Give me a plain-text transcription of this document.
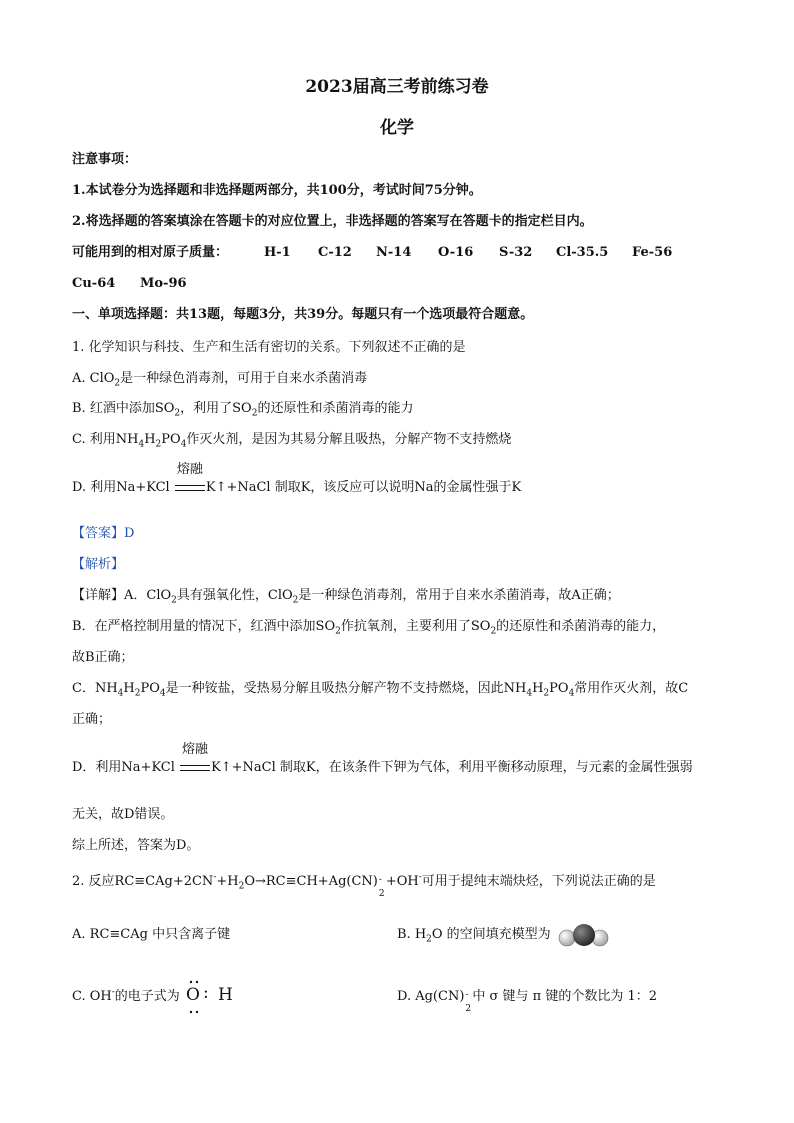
2023届高三考前练习卷
化学
注意事项：
1.本试卷分为选择题和非选择题两部分，共100分，考试时间75分钟。
2.将选择题的答案填涂在答题卡的对应位置上，非选择题的答案写在答题卡的指定栏目内。
可能用到的相对原子质量：	H-1 C-12 N-14 O-16 S-32 Cl-35.5 Fe-56
Cu-64 Mo-96
一、单项选择题：共13题，每题3分，共39分。每题只有一个选项最符合题意。
1. 化学知识与科技、生产和生活有密切的关系。下列叙述不正确的是
A. ClO$_2$是一种绿色消毒剂，可用于自来水杀菌消毒
B. 红酒中添加$SO_2$，利用了$SO_2$的还原性和杀菌消毒的能力
C. 利用$NH_4H_2PO_4$作灭火剂，是因为其易分解且吸热，分解产物不支持燃烧
D. 利用Na+KCl
熔融
K↑+NaCl 制取K，该反应可以说明Na的金属性强于K
【答案】D
【解析】
【详解】A．ClO$_2$具有强氧化性，ClO$_2$是一种绿色消毒剂，常用于自来水杀菌消毒，故A正确；
B．在严格控制用量的情况下，红酒中添加$SO_2$作抗氧剂，主要利用了$SO_2$的还原性和杀菌消毒的能力，
故B正确；
C．$NH_4H_2PO_4$是一种铵盐，受热易分解且吸热分解产物不支持燃烧，因此$NH_4H_2PO_4$常用作灭火剂，故C
正确；
D．利用Na+KCl
熔融
K↑+NaCl 制取K，在该条件下钾为气体，利用平衡移动原理，与元素的金属性强弱
无关，故D错误。
综上所述，答案为D。
2. 反应$RC\equiv CAg+2CN^-+H_2O\to RC\equiv CH+Ag(CN)$ -
2
+OH-可用于提纯末端炔烃，下列说法正确的是
A. RC≡CAg 中只含离子键	B. $H_2O$ 的空间填充模型为
C. OH-的电子式为 O : H	D. Ag(CN) -
2
中 σ 键与 π 键的个数比为 1：2
